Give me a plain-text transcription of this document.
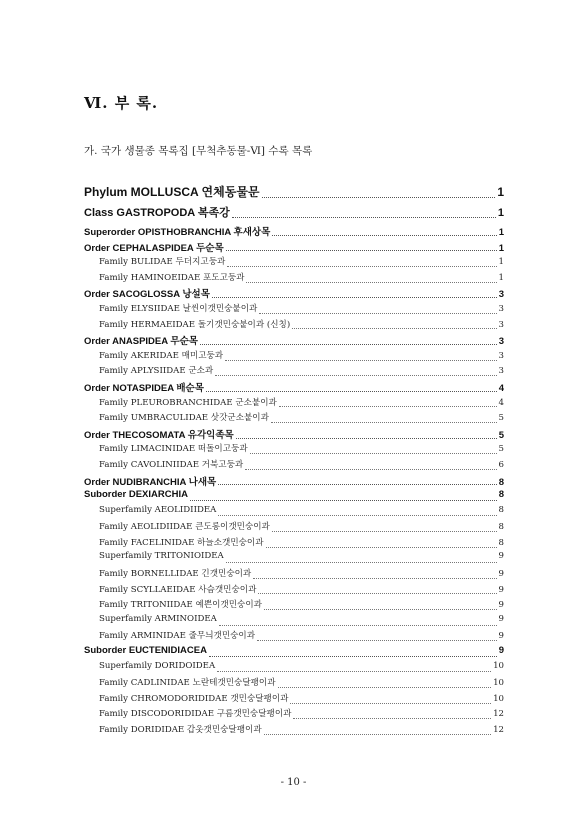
Ⅵ. 부 록.

가. 국가 생물종 목록집 [무척추동물-Ⅵ] 수록 목록

Phylum MOLLUSCA 연체동물문	1
Class GASTROPODA 복족강	1
Superorder OPISTHOBRANCHIA 후새상목	1
Order CEPHALASPIDEA 두순목	1
Family BULIDAE 두더지고둥과	1
Family HAMINOEIDAE 포도고둥과	1
Order SACOGLOSSA 낭설목	3
Family ELYSIIDAE 날씬이갯민숭붙이과	3
Family HERMAEIDAE 돌기갯민숭붙이과 (신칭)	3
Order ANASPIDEA 무순목	3
Family AKERIDAE 매미고둥과	3
Family APLYSIIDAE 군소과	3
Order NOTASPIDEA 배순목	4
Family PLEUROBRANCHIDAE 군소붙이과	4
Family UMBRACULIDAE 삿갓군소붙이과	5
Order THECOSOMATA 유각익족목	5
Family LIMACINIDAE 떠돌이고둥과	5
Family CAVOLINIIDAE 거북고둥과	6
Order NUDIBRANCHIA 나새목	8
Suborder DEXIARCHIA	8
Superfamily AEOLIDIIDEA	8
Family AEOLIDIIDAE 큰도롱이갯민숭이과	8
Family FACELINIDAE 하늘소갯민숭이과	8
Superfamily TRITONIOIDEA	9
Family BORNELLIDAE 긴갯민숭이과	9
Family SCYLLAEIDAE 사슴갯민숭이과	9
Family TRITONIIDAE 예쁜이갯민숭이과	9
Superfamily ARMINOIDEA	9
Family ARMINIDAE 줄무늬갯민숭이과	9
Suborder EUCTENIDIACEA	9
Superfamily DORIDOIDEA	10
Family CADLINIDAE 노란테갯민숭달팽이과	10
Family CHROMODORIDIDAE 갯민숭달팽이과	10
Family DISCODORIDIDAE 구름갯민숭달팽이과	12
Family DORIDIDAE 갑옷갯민숭달팽이과	12
- 10 -
